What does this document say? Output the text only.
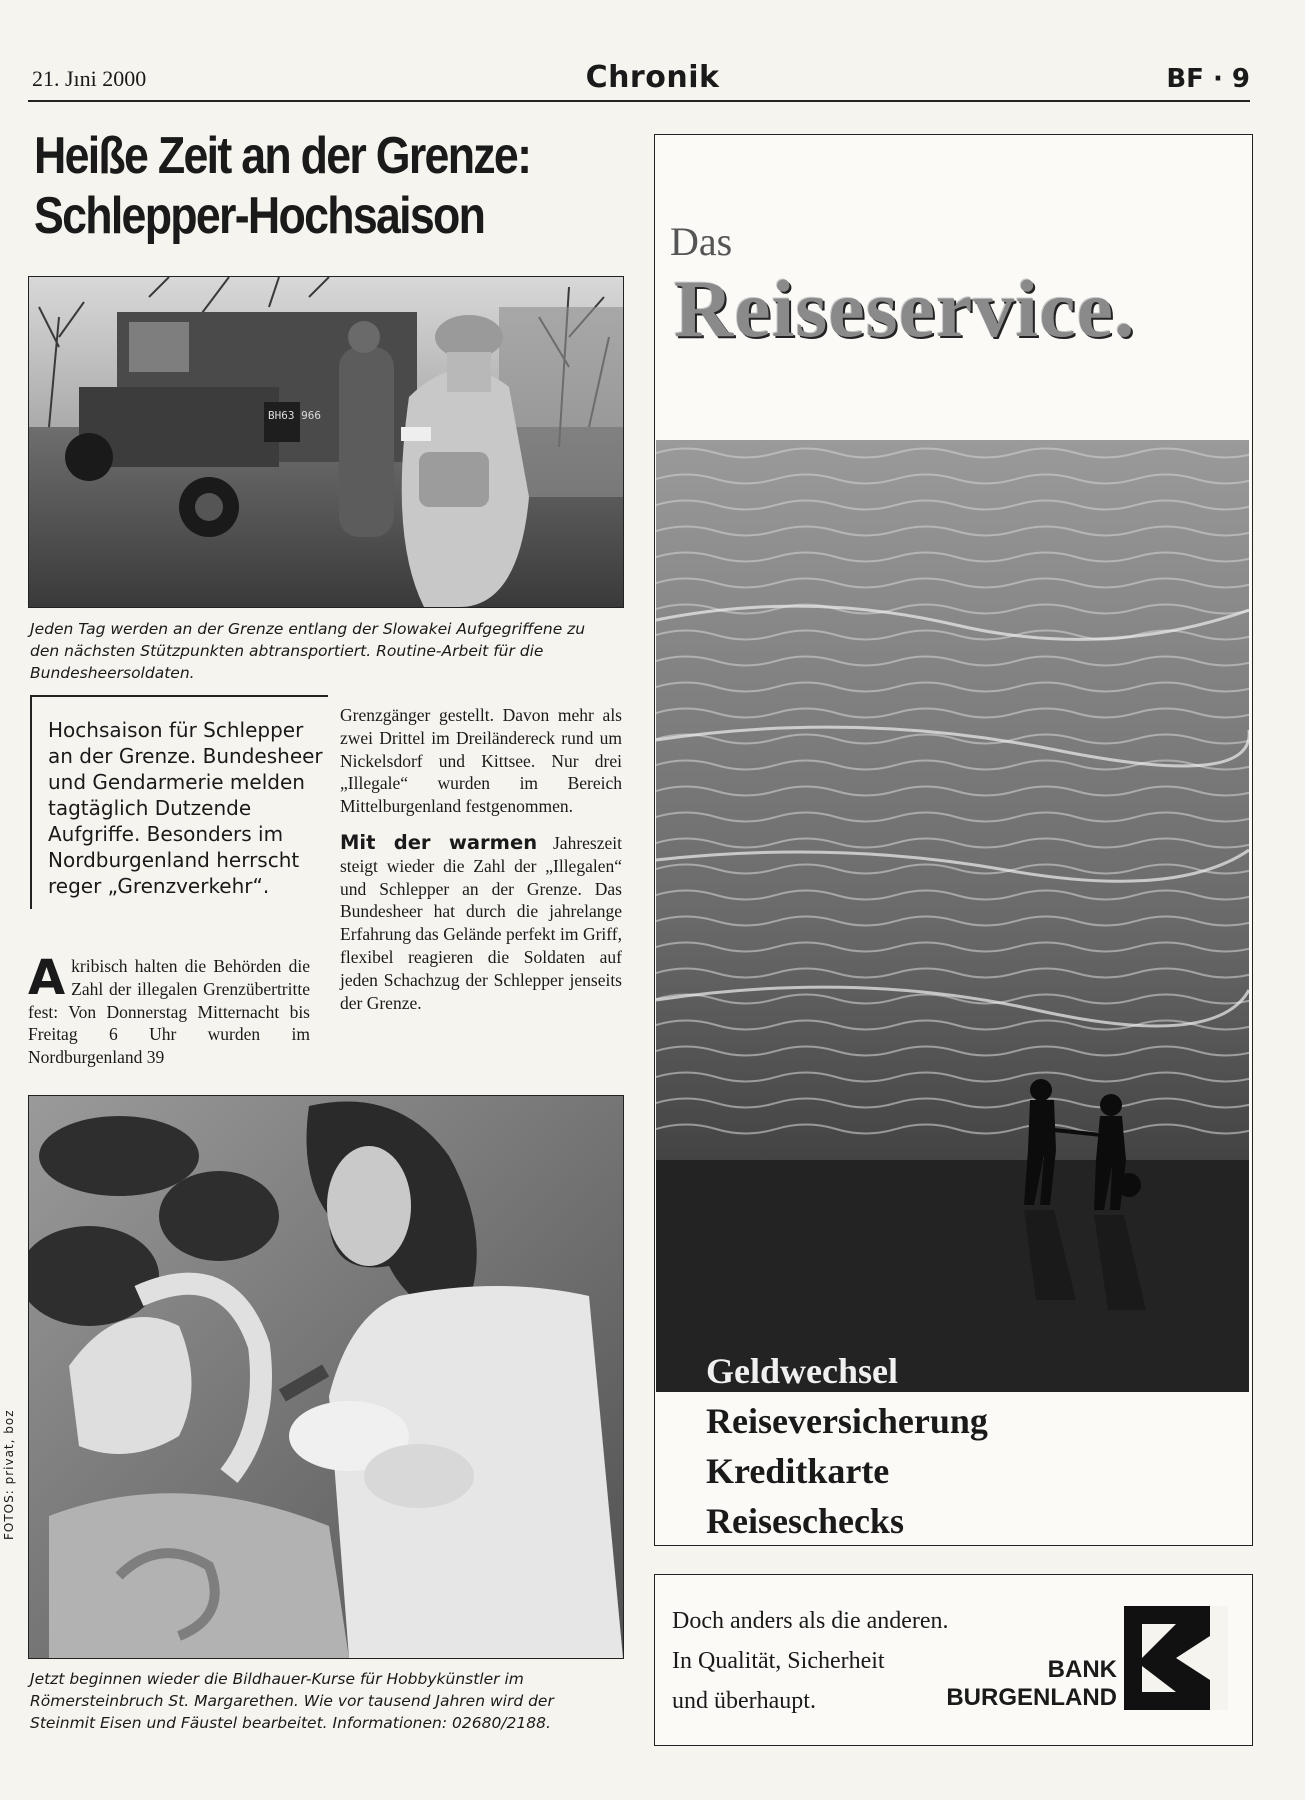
21. Jıni 2000	Chronik	BF · 9
Heiße Zeit an der Grenze:
Schlepper-Hochsaison
BH63 966
Jeden Tag werden an der Grenze entlang der Slowakei Aufgegriffene zu den nächsten Stützpunkten abtransportiert. Routine-Arbeit für die Bundesheersoldaten.
Hochsaison für Schlepper an der Grenze. Bundesheer und Gendarmerie melden tagtäglich Dutzende Aufgriffe. Besonders im Nordburgenland herrscht reger „Grenzverkehr“.
A kribisch halten die Behörden die Zahl der illegalen Grenzübertritte fest: Von Donnerstag Mitternacht bis Freitag 6 Uhr wurden im Nordburgenland 39
Grenzgänger gestellt. Davon mehr als zwei Drittel im Dreiländereck rund um Nickelsdorf und Kittsee. Nur drei „Illegale“ wurden im Bereich Mittelburgenland festgenommen.
Mit der warmen Jahreszeit steigt wieder die Zahl der „Illegalen“ und Schlepper an der Grenze. Das Bundesheer hat durch die jahrelange Erfahrung das Gelände perfekt im Griff, flexibel reagieren die Soldaten auf jeden Schachzug der Schlepper jenseits der Grenze.
FOTOS: privat, boz
Jetzt beginnen wieder die Bildhauer-Kurse für Hobbykünstler im Römersteinbruch St. Margarethen. Wie vor tausend Jahren wird der Steinmit Eisen und Fäustel bearbeitet. Informationen: 02680/2188.
Das
Reiseservice.
Geldwechsel
Reiseversicherung
Kreditkarte
Reiseschecks
Doch anders als die anderen.
In Qualität, Sicherheit
und überhaupt.
BANK
BURGENLAND
